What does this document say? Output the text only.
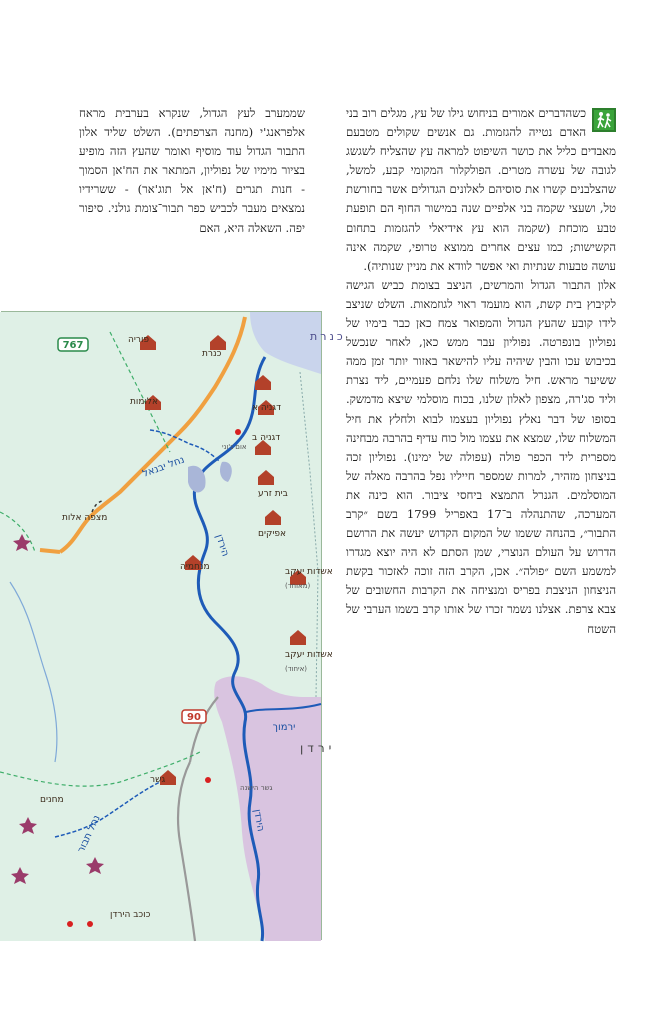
כשהדברים אמורים בניחוש גילו של עץ, מגלים רוב בני האדם נטייה להגזמות. גם אנשים שקולים מטבעם מאבדים כליל את כושר השיפוט למראה עץ שהצליח לשגשג לגובה של עשרה מטרים. הפולקלור המקומי קבע, למשל, שהצלבנים קשרו את סוסיהם לאלונים הגדולים אשר בחורשת טל, ושעצי שקמה בני אלפיים שנה במישור החוף הם תופעת טבע מוכחת (שקמה הוא עץ אידיאלי להגזמות בתחום הקשישות; כמו עצים אחרים ממוצא טרופי, שקמה אינה עושה טבעות שנתיות ואי אפשר לוודא את מניין שנותיה).

אלון התבור הגדול והמרשים, הניצב בצומת כביש הגישה לקיבוץ בית קשת, הוא מועמד ראוי לגוזמאות. השלט שניצב לידו קובע שהעץ הגדול והמפואר צמח כאן כבר בימיו של נפוליון בונפרטה. נפוליון עבר ממש כאן, לאחר שנכשל בכיבוש עכו והבין שיהיה עליו להישאר באזור יותר זמן ממה ששיער מראש. חיל משלוח שלו נלחם פעמיים, ליד נצרת וליד סג'רה, מצפון לאלון שלנו, בכוח מוסלמי שיצא מדמשק. בסופו של דבר נאלץ נפוליון בעצמו לבוא ולחלץ את חיל המשלוח שלו, שמצא את עצמו מול כוח עדיף בהרבה מבחינה מספרית ליד הכפר פולה (עפולה של ימינו). נפוליון זכה בניצחון מזהיר, למרות שמספר חייליו נפל בהרבה מאלה של המוסלמים. הגנרל התמצא ביחסי ציבור. הוא כינה את המערכה, שהתנהלה ב־17 באפריל 1799 בשם ״קרב התבור״, בהנחה ששמו של המקום הקדוש יעשה את הרושם הדרוש על העולם הנוצרי, שמן הסתם לא היה יוצא מגדרו למשמע השם ״פולה״. אכן, הקרב הזה זוכה לאזכור בקשת הניצחון הניצבת בפריס ומנציחה את הקרבות החשובים של צבא צרפת. אצלנו נשמר זכרו של אותו קרב בשמו הערבי של השטח

שממערב לעץ הגדול, שנקרא בערבית מראח אלפראנג'י (מחנה הצרפתים). השלט שליד אלון התבור הגדול עוד מוסיף ואומר שהעץ הזה מופיע בציור מימיו של נפוליון, המתאר את הח'אן הסמוך - חנות תגרים (ח'אן אל תוג'אר) - ששרידיו נמצאים מעבר לכביש כפר תבור־צומת גולני. סיפור יפה. השאלה היא, האם

כנרת
ירדן
767
90
הירדן
הירדן
ירמוך
נחל יבנאל
נחל תבור
פוריה
כנרת
אלומות
דגניה א
דגניה ב
אום ג'וני
בית זרע
אפיקים
מנחמיה	אשדות יעקב
(מאוחד)
אשדות יעקב
(איחוד)
מצפה אלות
גשר
גשר הישנה
מחנים
כוכב הירדן
